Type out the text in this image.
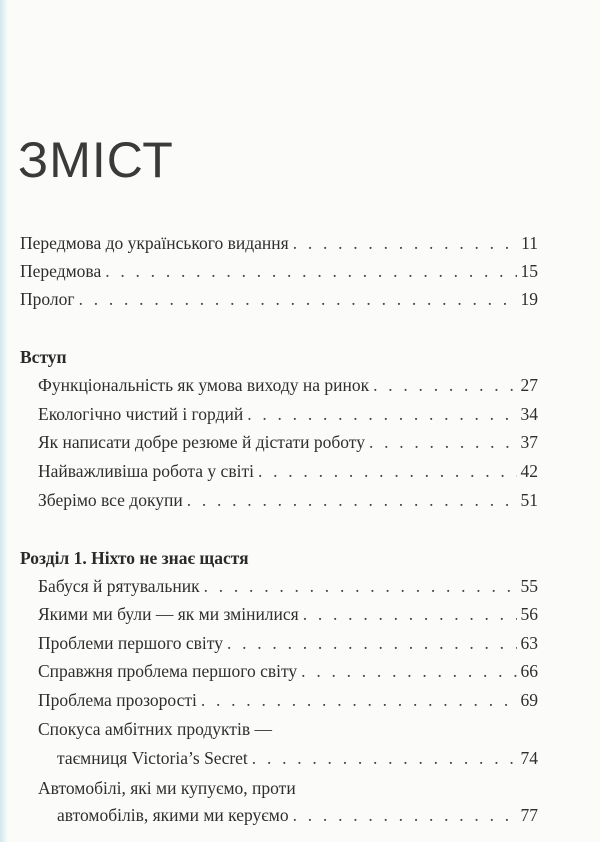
ЗМІСТ
Передмова до українського видання . . .	11
Передмова . . .	15
Пролог . . .	19
Вступ
Функціональність як умова виходу на ринок . . .	27
Екологічно чистий і гордий . . .	34
Як написати добре резюме й дістати роботу . . .	37
Найважливіша робота у світі . . .	42
Зберімо все докупи . . .	51
Розділ 1. Ніхто не знає щастя
Бабуся й рятувальник . . .	55
Якими ми були — як ми змінилися . . .	56
Проблеми першого світу . . .	63
Справжня проблема першого світу . . .	66
Проблема прозорості . . .	69
Спокуса амбітних продуктів —
таємниця Victoria’s Secret . . .	74
Автомобілі, які ми купуємо, проти
автомобілів, якими ми керуємо . . .	77
